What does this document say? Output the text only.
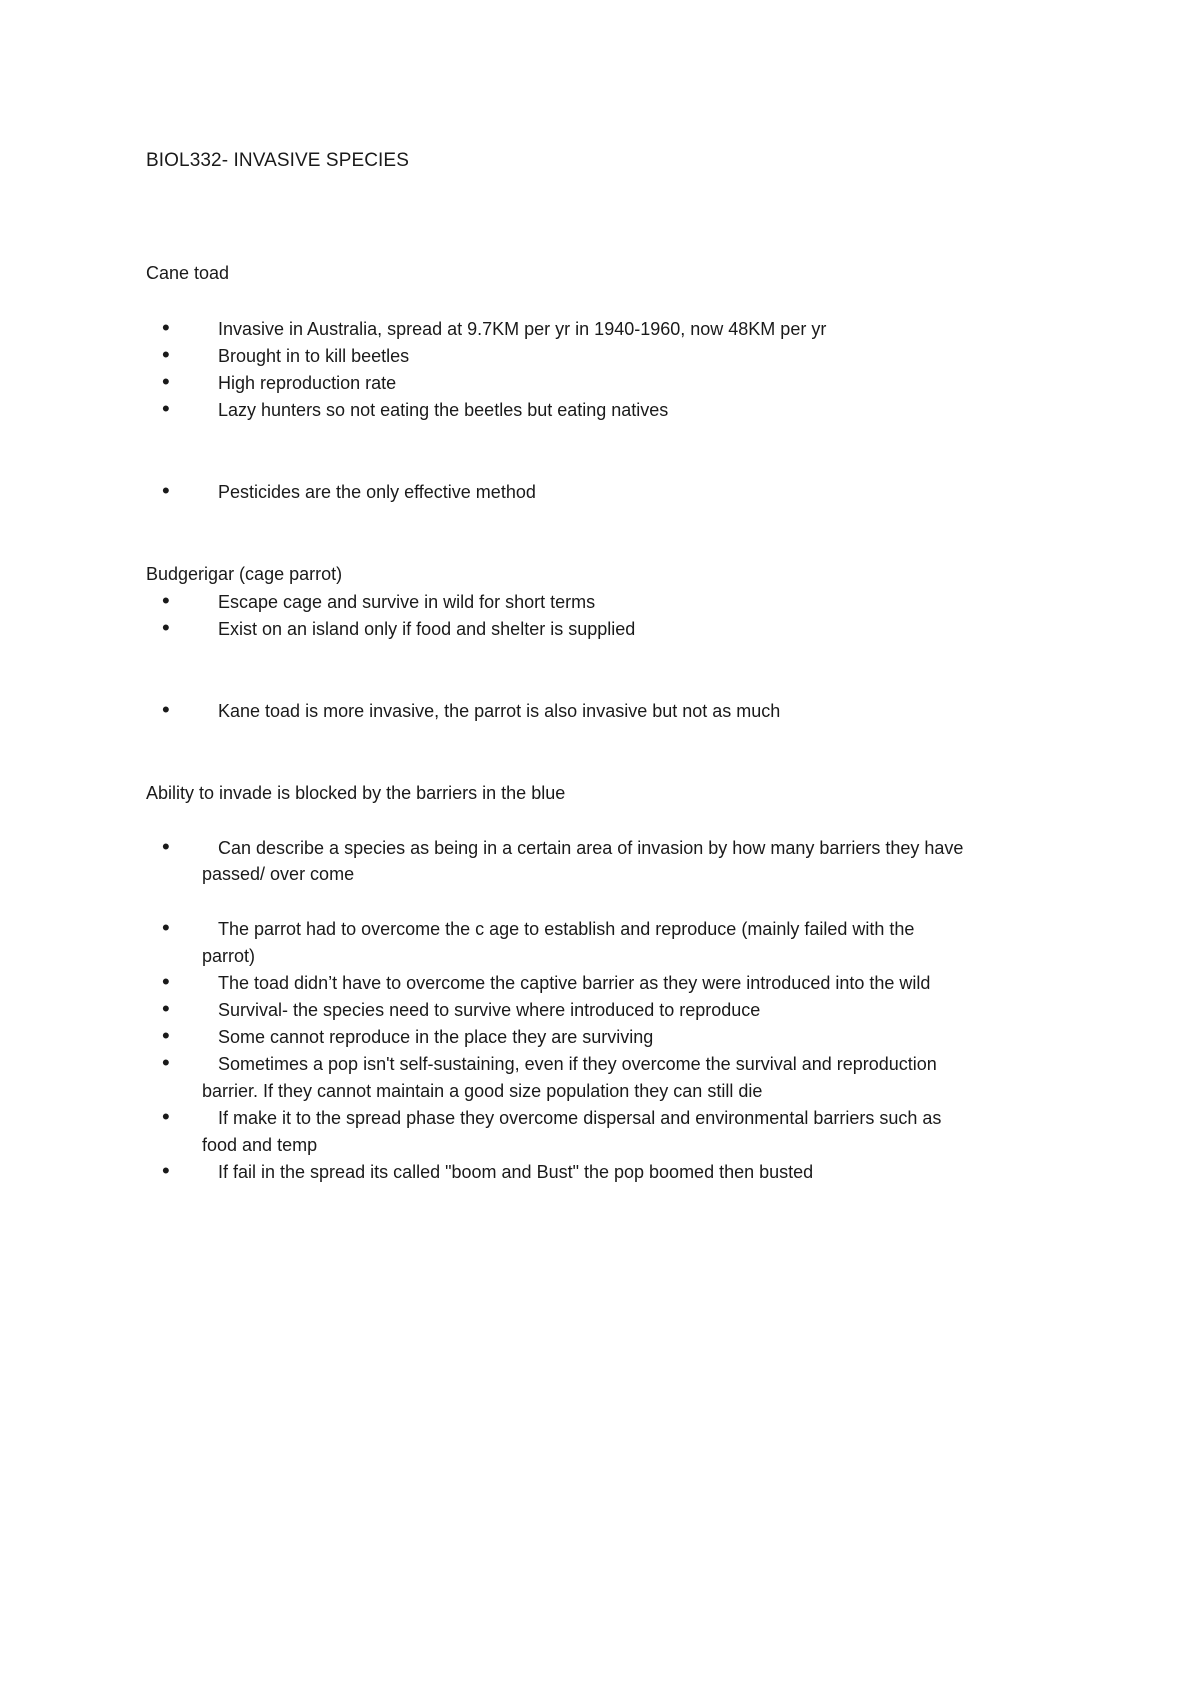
BIOL332- INVASIVE SPECIES
Cane toad
•	Invasive in Australia, spread at 9.7KM per yr in 1940-1960, now 48KM per yr
•	Brought in to kill beetles
•	High reproduction rate
•	Lazy hunters so not eating the beetles but eating natives
•	Pesticides are the only effective method
Budgerigar (cage parrot)
•	Escape cage and survive in wild for short terms
•	Exist on an island only if food and shelter is supplied
•	Kane toad is more invasive, the parrot is also invasive but not as much
Ability to invade is blocked by the barriers in the blue
•	Can describe a species as being in a certain area of invasion by how many barriers they have
passed/ over come
•	The parrot had to overcome the c age to establish and reproduce (mainly failed with the
parrot)
•	The toad didn’t have to overcome the captive barrier as they were introduced into the wild
•	Survival- the species need to survive where introduced to reproduce
•	Some cannot reproduce in the place they are surviving
•	Sometimes a pop isn't self-sustaining, even if they overcome the survival and reproduction
barrier. If they cannot maintain a good size population they can still die
•	If make it to the spread phase they overcome dispersal and environmental barriers such as
food and temp
•	If fail in the spread its called "boom and Bust" the pop boomed then busted
